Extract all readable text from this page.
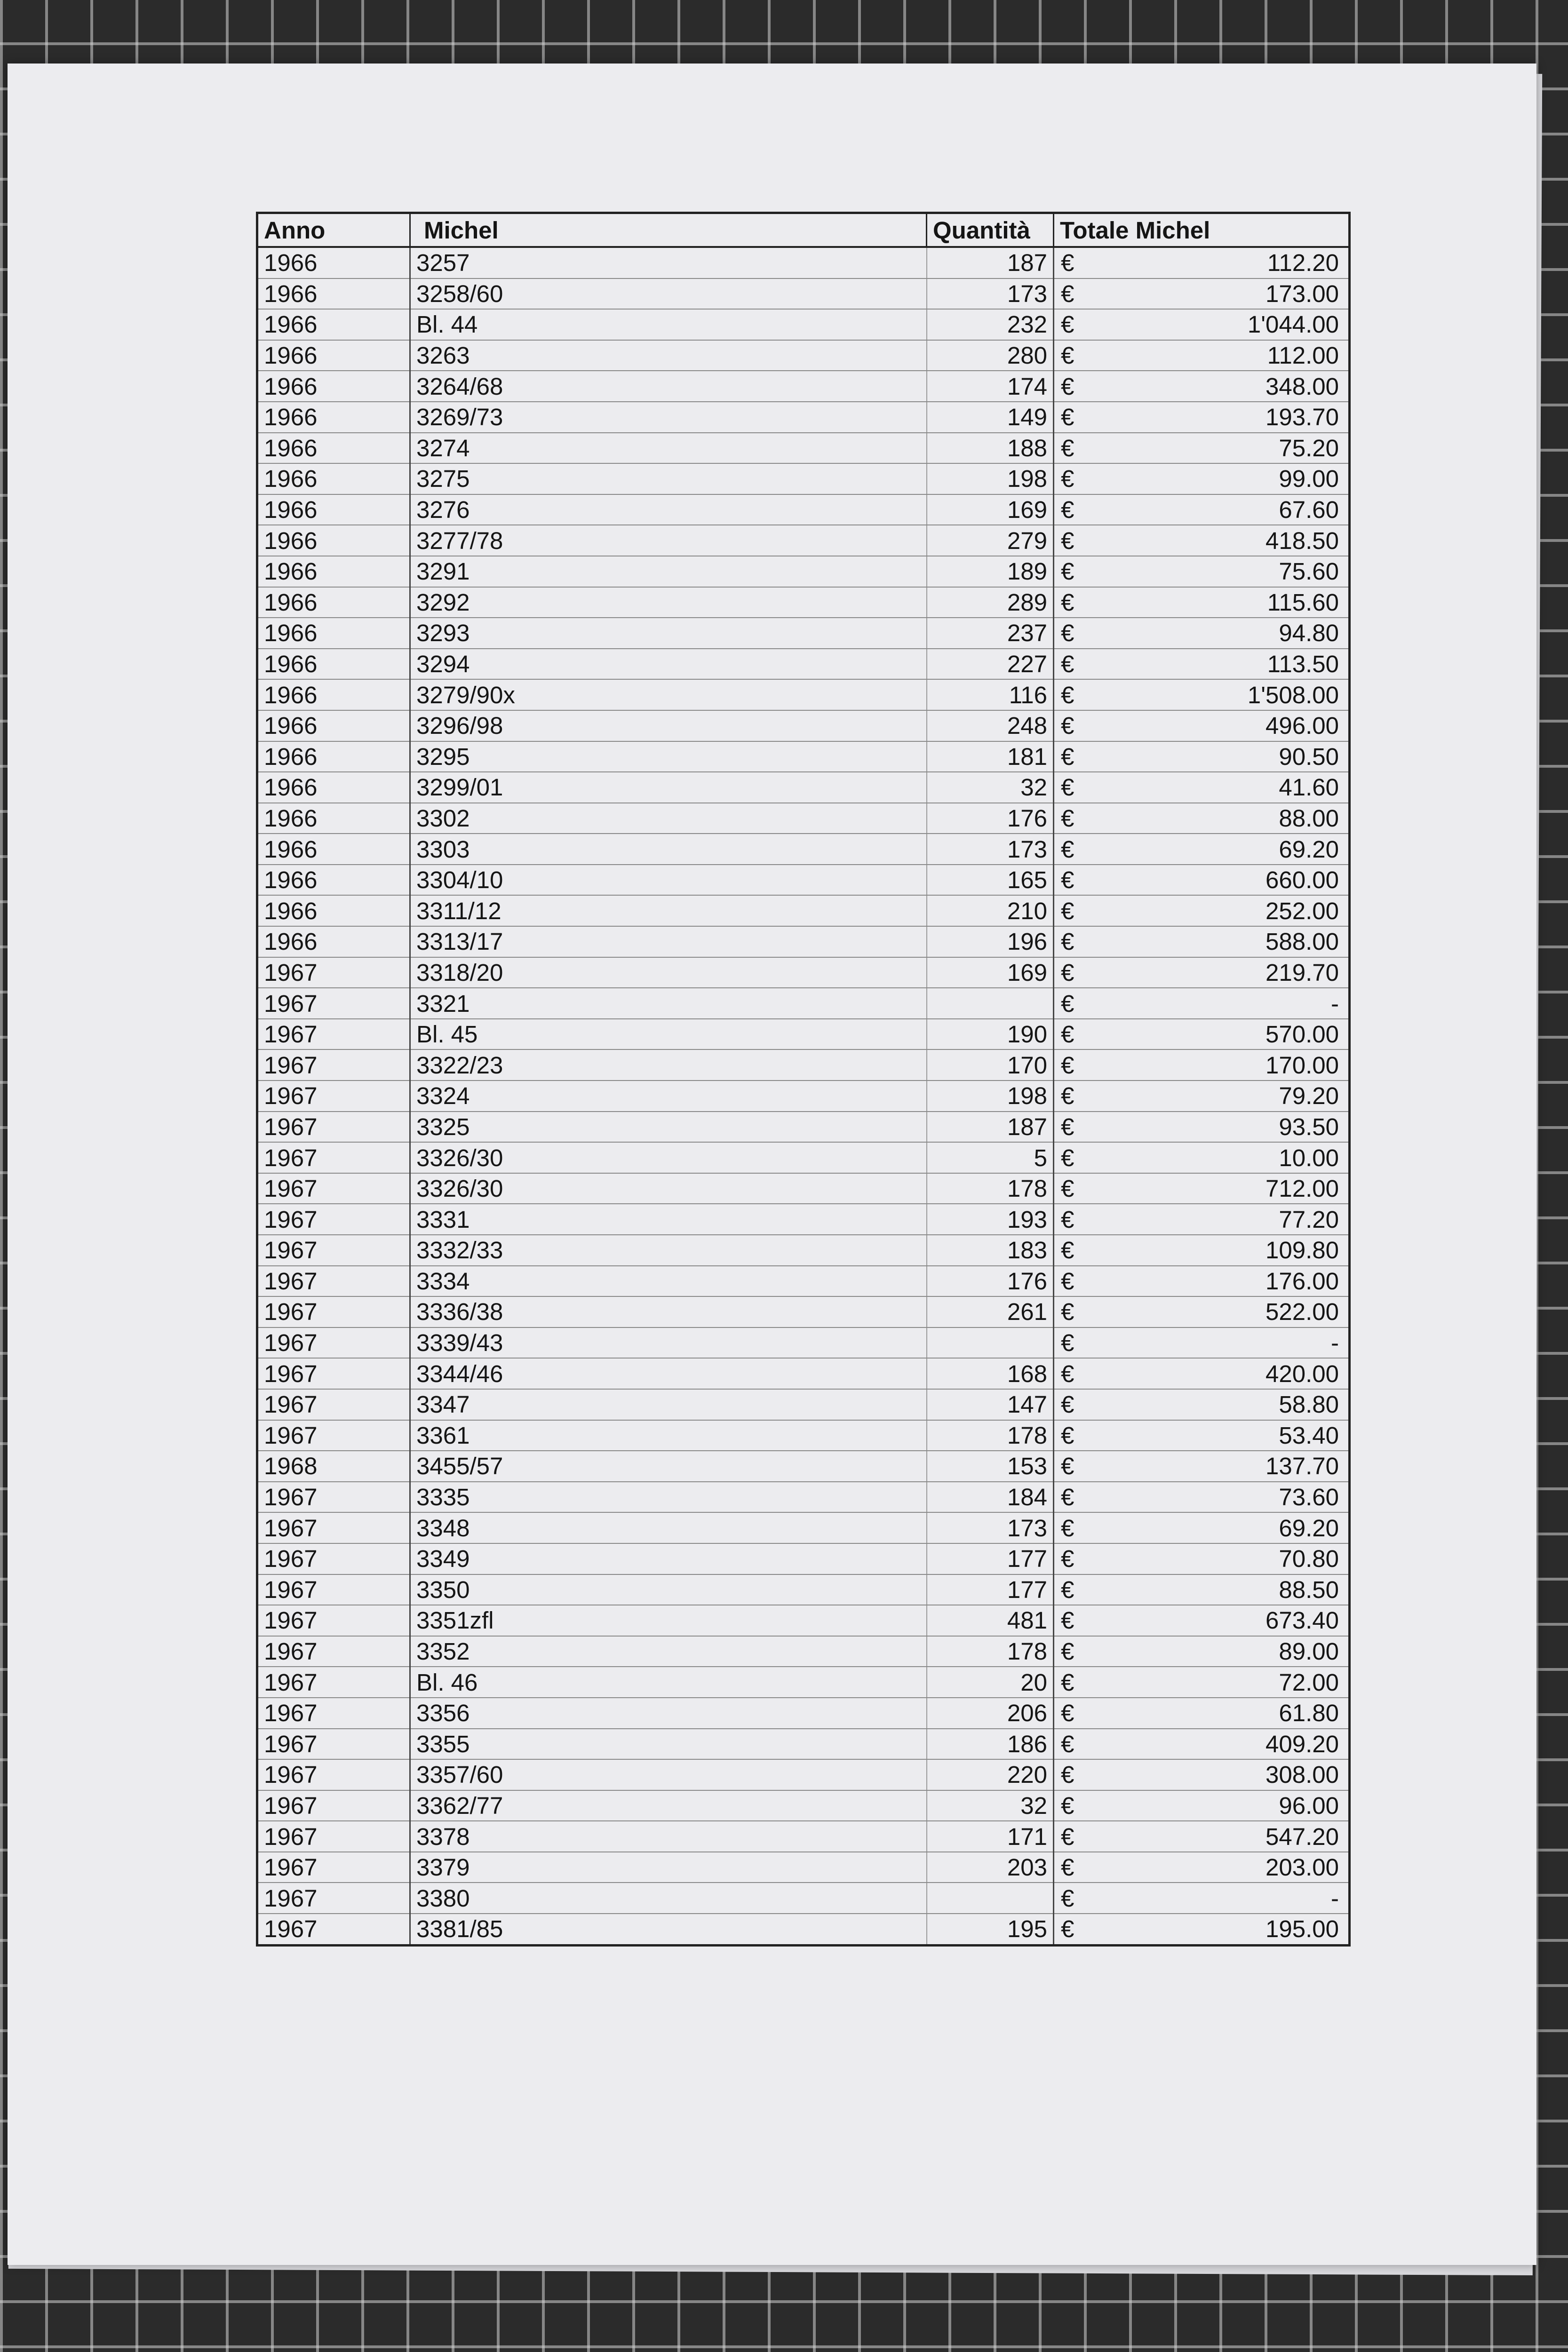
Anno	Michel	Quantità	Totale Michel	
1966	3257	187	€	112.20
1966	3258/60	173	€	173.00
1966	Bl. 44	232	€	1'044.00
1966	3263	280	€	112.00
1966	3264/68	174	€	348.00
1966	3269/73	149	€	193.70
1966	3274	188	€	75.20
1966	3275	198	€	99.00
1966	3276	169	€	67.60
1966	3277/78	279	€	418.50
1966	3291	189	€	75.60
1966	3292	289	€	115.60
1966	3293	237	€	94.80
1966	3294	227	€	113.50
1966	3279/90x	116	€	1'508.00
1966	3296/98	248	€	496.00
1966	3295	181	€	90.50
1966	3299/01	32	€	41.60
1966	3302	176	€	88.00
1966	3303	173	€	69.20
1966	3304/10	165	€	660.00
1966	3311/12	210	€	252.00
1966	3313/17	196	€	588.00
1967	3318/20	169	€	219.70
1967	3321		€	-
1967	Bl. 45	190	€	570.00
1967	3322/23	170	€	170.00
1967	3324	198	€	79.20
1967	3325	187	€	93.50
1967	3326/30	5	€	10.00
1967	3326/30	178	€	712.00
1967	3331	193	€	77.20
1967	3332/33	183	€	109.80
1967	3334	176	€	176.00
1967	3336/38	261	€	522.00
1967	3339/43		€	-
1967	3344/46	168	€	420.00
1967	3347	147	€	58.80
1967	3361	178	€	53.40
1968	3455/57	153	€	137.70
1967	3335	184	€	73.60
1967	3348	173	€	69.20
1967	3349	177	€	70.80
1967	3350	177	€	88.50
1967	3351zfl	481	€	673.40
1967	3352	178	€	89.00
1967	Bl. 46	20	€	72.00
1967	3356	206	€	61.80
1967	3355	186	€	409.20
1967	3357/60	220	€	308.00
1967	3362/77	32	€	96.00
1967	3378	171	€	547.20
1967	3379	203	€	203.00
1967	3380		€	-
1967	3381/85	195	€	195.00
